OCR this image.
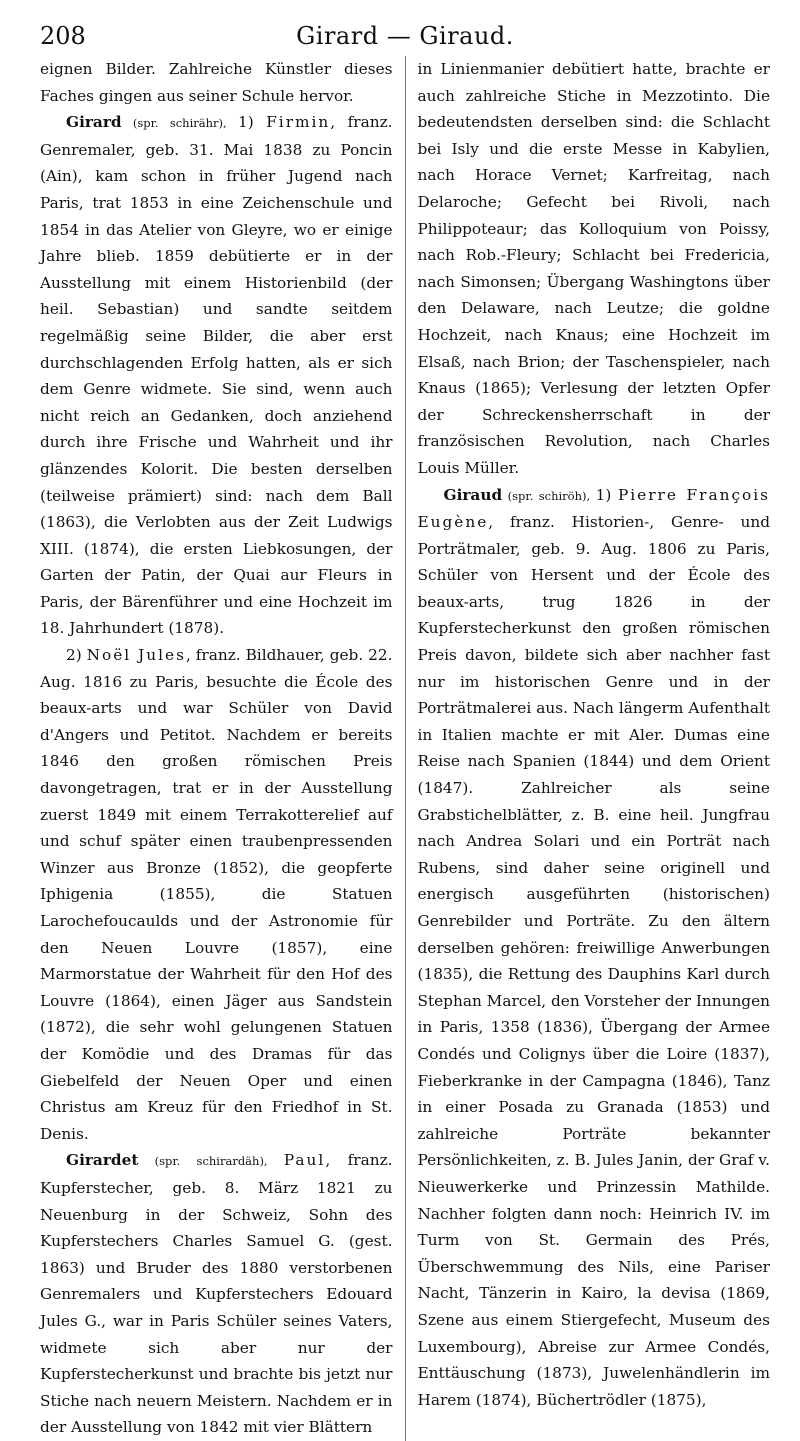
208	Girard — Giraud.

eignen Bilder. Zahlreiche Künstler dieses Faches gingen aus seiner Schule hervor.

Girard (spr. schirähr), 1) Firmin, franz. Genremaler, geb. 31. Mai 1838 zu Poncin (Ain), kam schon in früher Jugend nach Paris, trat 1853 in eine Zeichenschule und 1854 in das Atelier von Gleyre, wo er einige Jahre blieb. 1859 debütierte er in der Ausstellung mit einem Historienbild (der heil. Sebastian) und sandte seitdem regelmäßig seine Bilder, die aber erst durchschlagenden Erfolg hatten, als er sich dem Genre widmete. Sie sind, wenn auch nicht reich an Gedanken, doch anziehend durch ihre Frische und Wahrheit und ihr glänzendes Kolorit. Die besten derselben (teilweise prämiert) sind: nach dem Ball (1863), die Verlobten aus der Zeit Ludwigs XIII. (1874), die ersten Liebkosungen, der Garten der Patin, der Quai aur Fleurs in Paris, der Bärenführer und eine Hochzeit im 18. Jahrhundert (1878).

2) Noël Jules, franz. Bildhauer, geb. 22. Aug. 1816 zu Paris, besuchte die École des beaux-arts und war Schüler von David d'Angers und Petitot. Nachdem er bereits 1846 den großen römischen Preis davongetragen, trat er in der Ausstellung zuerst 1849 mit einem Terrakotterelief auf und schuf später einen traubenpressenden Winzer aus Bronze (1852), die geopferte Iphigenia (1855), die Statuen Larochefoucaulds und der Astronomie für den Neuen Louvre (1857), eine Marmorstatue der Wahrheit für den Hof des Louvre (1864), einen Jäger aus Sandstein (1872), die sehr wohl gelungenen Statuen der Komödie und des Dramas für das Giebelfeld der Neuen Oper und einen Christus am Kreuz für den Friedhof in St. Denis.

Girardet (spr. schirardäh), Paul, franz. Kupferstecher, geb. 8. März 1821 zu Neuenburg in der Schweiz, Sohn des Kupferstechers Charles Samuel G. (gest. 1863) und Bruder des 1880 verstorbenen Genremalers und Kupferstechers Edouard Jules G., war in Paris Schüler seines Vaters, widmete sich aber nur der Kupferstecherkunst und brachte bis jetzt nur Stiche nach neuern Meistern. Nachdem er in der Ausstellung von 1842 mit vier Blättern

in Linienmanier debütiert hatte, brachte er auch zahlreiche Stiche in Mezzotinto. Die bedeutendsten derselben sind: die Schlacht bei Isly und die erste Messe in Kabylien, nach Horace Vernet; Karfreitag, nach Delaroche; Gefecht bei Rivoli, nach Philippoteaur; das Kolloquium von Poissy, nach Rob.-Fleury; Schlacht bei Fredericia, nach Simonsen; Übergang Washingtons über den Delaware, nach Leutze; die goldne Hochzeit, nach Knaus; eine Hochzeit im Elsaß, nach Brion; der Taschenspieler, nach Knaus (1865); Verlesung der letzten Opfer der Schreckensherrschaft in der französischen Revolution, nach Charles Louis Müller.

Giraud (spr. schiröh), 1) Pierre François Eugène, franz. Historien-, Genre- und Porträtmaler, geb. 9. Aug. 1806 zu Paris, Schüler von Hersent und der École des beaux-arts, trug 1826 in der Kupferstecherkunst den großen römischen Preis davon, bildete sich aber nachher fast nur im historischen Genre und in der Porträtmalerei aus. Nach längerm Aufenthalt in Italien machte er mit Aler. Dumas eine Reise nach Spanien (1844) und dem Orient (1847). Zahlreicher als seine Grabstichelblätter, z. B. eine heil. Jungfrau nach Andrea Solari und ein Porträt nach Rubens, sind daher seine originell und energisch ausgeführten (historischen) Genrebilder und Porträte. Zu den ältern derselben gehören: freiwillige Anwerbungen (1835), die Rettung des Dauphins Karl durch Stephan Marcel, den Vorsteher der Innungen in Paris, 1358 (1836), Übergang der Armee Condés und Colignys über die Loire (1837), Fieberkranke in der Campagna (1846), Tanz in einer Posada zu Granada (1853) und zahlreiche Porträte bekannter Persönlichkeiten, z. B. Jules Janin, der Graf v. Nieuwerkerke und Prinzessin Mathilde. Nachher folgten dann noch: Heinrich IV. im Turm von St. Germain des Prés, Überschwemmung des Nils, eine Pariser Nacht, Tänzerin in Kairo, la devisa (1869, Szene aus einem Stiergefecht, Museum des Luxembourg), Abreise zur Armee Condés, Enttäuschung (1873), Juwelenhändlerin im Harem (1874), Büchertrödler (1875),
